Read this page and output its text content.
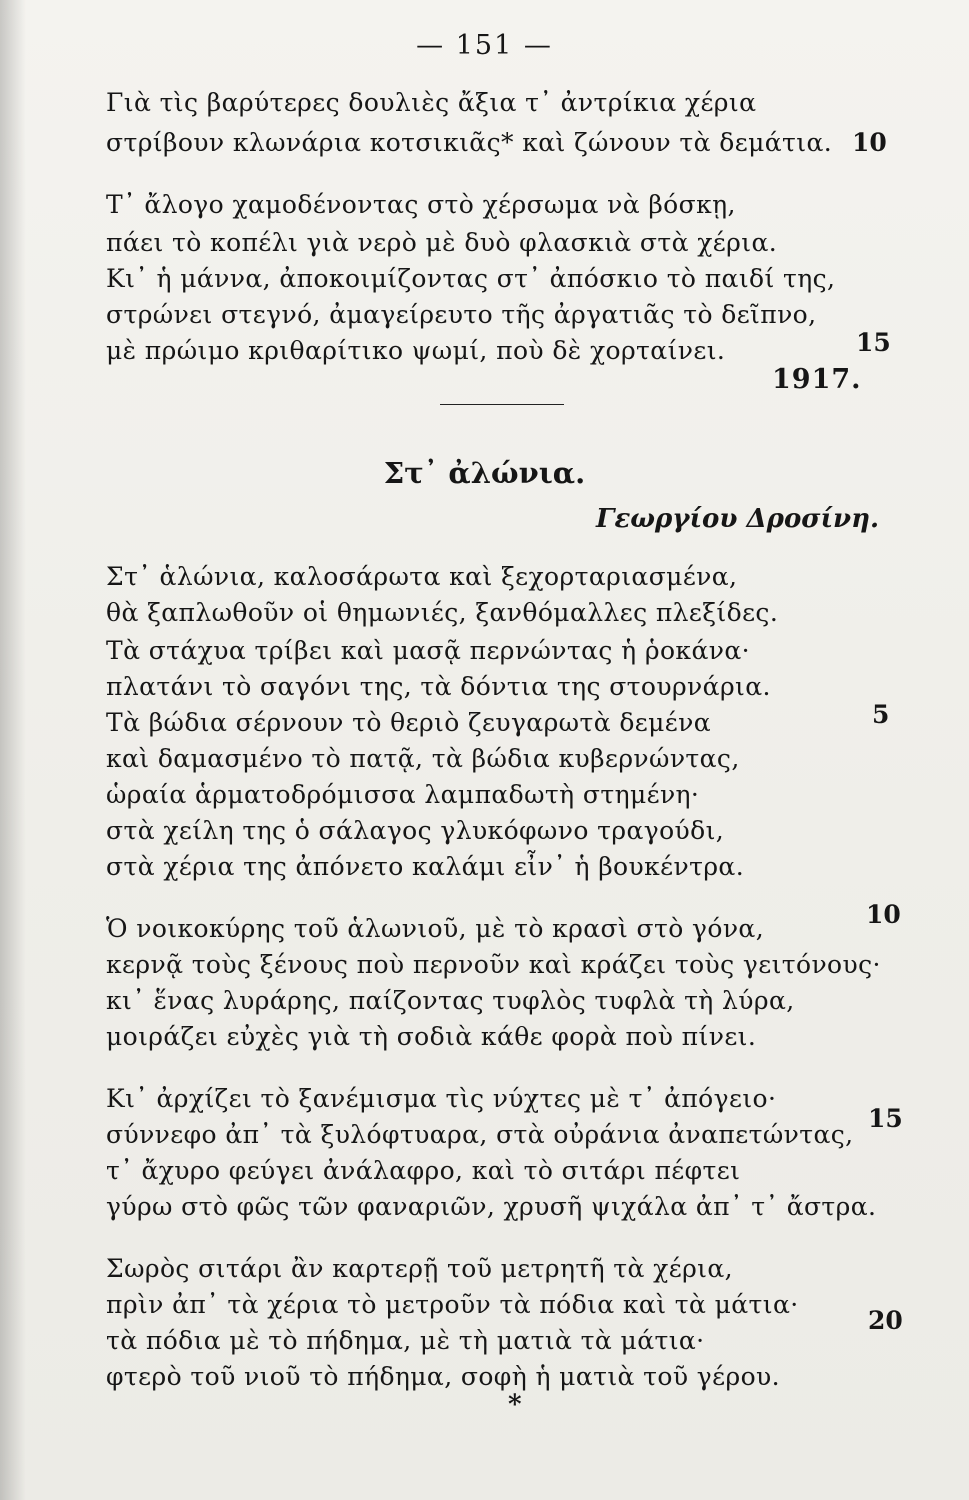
— 151 —
Γιὰ τὶς βαρύτερες δουλιὲς ἄξια τ᾽ ἀντρίκια χέρια
στρίβουν κλωνάρια κοτσικιᾶς* καὶ ζώνουν τὰ δεμάτια.
Τ᾽ ἄλογο χαμοδένοντας στὸ χέρσωμα νὰ βόσκῃ,
πάει τὸ κοπέλι γιὰ νερὸ μὲ δυὸ φλασκιὰ στὰ χέρια.
Κι᾽ ἡ μάννα, ἀποκοιμίζοντας στ᾽ ἀπόσκιο τὸ παιδί της,
στρώνει στεγνό, ἀμαγείρευτο τῆς ἀργατιᾶς τὸ δεῖπνο,
μὲ πρώιμο κριθαρίτικο ψωμί, ποὺ δὲ χορταίνει.
10
15
1917.
Στ᾽ ἀλώνια.
Γεωργίου Δροσίνη.
Στ᾽ ἁλώνια, καλοσάρωτα καὶ ξεχορταριασμένα,
θὰ ξαπλωθοῦν οἱ θημωνιές, ξανθόμαλλες πλεξίδες.
Τὰ στάχυα τρίβει καὶ μασᾷ περνώντας ἡ ῥοκάνα·
πλατάνι τὸ σαγόνι της, τὰ δόντια της στουρνάρια.
Τὰ βώδια σέρνουν τὸ θεριὸ ζευγαρωτὰ δεμένα
καὶ δαμασμένο τὸ πατᾷ, τὰ βώδια κυβερνώντας,
ὡραία ἁρματοδρόμισσα λαμπαδωτὴ στημένη·
στὰ χείλη της ὁ σάλαγος γλυκόφωνο τραγούδι,
στὰ χέρια της ἀπόνετο καλάμι εἶν᾽ ἡ βουκέντρα.
Ὁ νοικοκύρης τοῦ ἁλωνιοῦ, μὲ τὸ κρασὶ στὸ γόνα,
κερνᾷ τοὺς ξένους ποὺ περνοῦν καὶ κράζει τοὺς γειτόνους·
κι᾽ ἕνας λυράρης, παίζοντας τυφλὸς τυφλὰ τὴ λύρα,
μοιράζει εὐχὲς γιὰ τὴ σοδιὰ κάθε φορὰ ποὺ πίνει.
Κι᾽ ἀρχίζει τὸ ξανέμισμα τὶς νύχτες μὲ τ᾽ ἀπόγειο·
σύννεφο ἀπ᾽ τὰ ξυλόφτυαρα, στὰ οὐράνια ἀναπετώντας,
τ᾽ ἄχυρο φεύγει ἀνάλαφρο, καὶ τὸ σιτάρι πέφτει
γύρω στὸ φῶς τῶν φαναριῶν, χρυσῆ ψιχάλα ἀπ᾽ τ᾽ ἄστρα.
Σωρὸς σιτάρι ἂν καρτερῇ τοῦ μετρητῆ τὰ χέρια,
πρὶν ἀπ᾽ τὰ χέρια τὸ μετροῦν τὰ πόδια καὶ τὰ μάτια·
τὰ πόδια μὲ τὸ πήδημα, μὲ τὴ ματιὰ τὰ μάτια·
φτερὸ τοῦ νιοῦ τὸ πήδημα, σοφὴ ἡ ματιὰ τοῦ γέρου.
5
10
15
20
*
